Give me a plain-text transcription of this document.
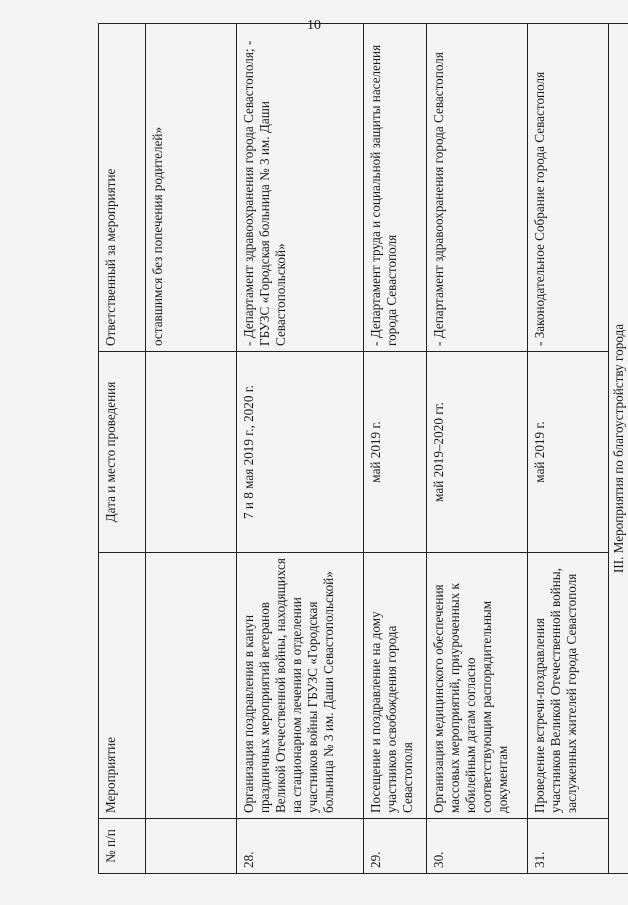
10
№ п/п	Мероприятие	Дата и место проведения	Ответственный за мероприятие
			оставшимся без попечения родителей»
28.	Организация поздравления в канун праздничных мероприятий ветеранов Великой Отечественной войны, находящихся на стационарном лечении в отделении участников войны ГБУЗС «Городская больница № 3 им. Даши Севастопольской»	7 и 8 мая 2019 г., 2020 г.	- Департамент здравоохранения города Севастополя; - ГБУЗС «Городская больница № 3 им. Даши Севастопольской»
29.	Посещение и поздравление на дому участников освобождения города Севастополя	май 2019 г.	- Департамент труда и социальной защиты населения города Севастополя
30.	Организация медицинского обеспечения массовых мероприятий, приуроченных к юбилейным датам согласно соответствующим распорядительным документам	май 2019–2020 гг.	- Департамент здравоохранения города Севастополя
31.	Проведение встречи-поздравления участников Великой Отечественной войны, заслуженных жителей города Севастополя	май 2019 г.	- Законодательное Собрание города Севастополя
III. Мероприятия по благоустройству города			
